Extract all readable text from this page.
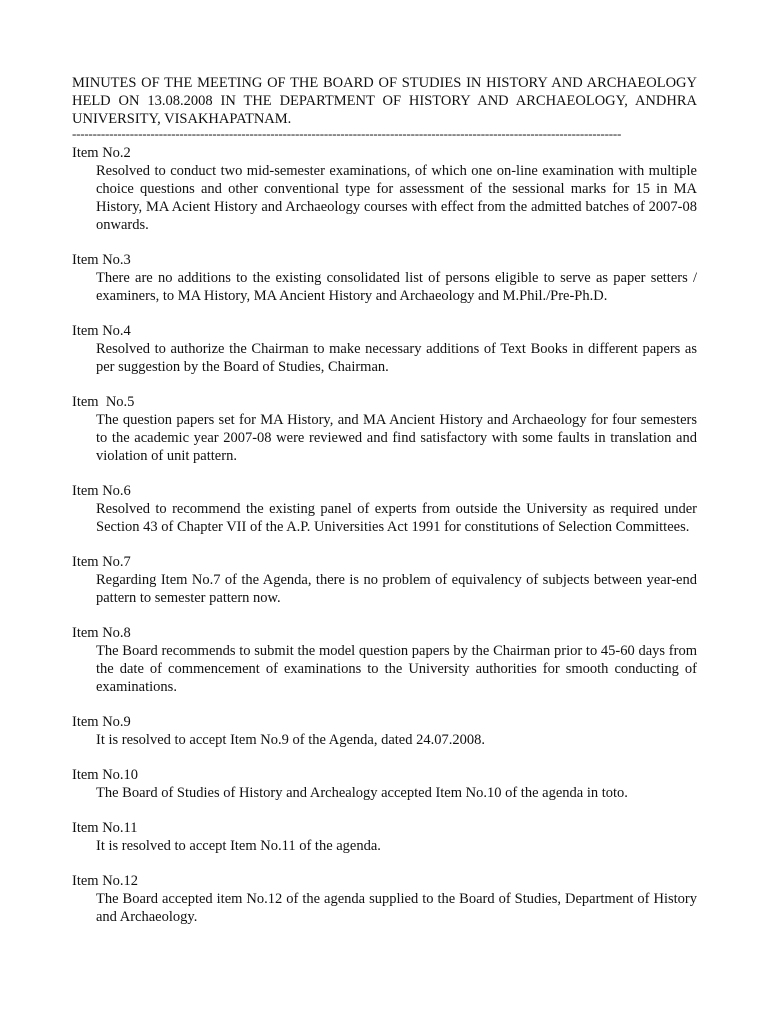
MINUTES OF THE MEETING OF THE BOARD OF STUDIES IN HISTORY AND ARCHAEOLOGY HELD ON 13.08.2008 IN THE DEPARTMENT OF HISTORY AND ARCHAEOLOGY, ANDHRA UNIVERSITY, VISAKHAPATNAM.

-------------------------------------------------------------------------------------------------------------------------------------

Item No.2

Resolved to conduct two mid-semester examinations, of which one on-line examination with multiple choice questions and other conventional type for assessment of the sessional marks for 15 in MA History, MA Acient History and Archaeology courses with effect from the admitted batches of 2007-08 onwards.

Item No.3

There are no additions to the existing consolidated list of persons eligible to serve as paper setters / examiners, to MA History, MA Ancient History and Archaeology and M.Phil./Pre-Ph.D.

Item No.4

Resolved to authorize the Chairman to make necessary additions of Text Books in different papers as per suggestion by the Board of Studies, Chairman.

Item  No.5

The question papers set for MA History, and MA Ancient History and Archaeology for four semesters to the academic year 2007-08 were reviewed and find satisfactory with some faults in translation and violation of unit pattern.

Item No.6

Resolved to recommend the existing panel of experts from outside the University as required under Section 43 of Chapter VII of the A.P. Universities Act 1991 for constitutions of Selection Committees.

Item No.7

Regarding Item No.7 of the Agenda, there is no problem of equivalency of subjects between year-end pattern to semester pattern now.

Item No.8

The Board recommends to submit the model question papers by the Chairman prior to 45-60 days from the date of commencement of examinations to the University authorities for smooth conducting of examinations.

Item No.9

It is resolved to accept Item No.9 of the Agenda, dated 24.07.2008.

Item No.10

The Board of Studies of History and Archealogy accepted Item No.10 of the agenda in toto.

Item No.11

It is resolved to accept Item No.11 of the agenda.

Item No.12

The Board accepted item No.12 of the agenda supplied to the Board of Studies, Department of History and Archaeology.
